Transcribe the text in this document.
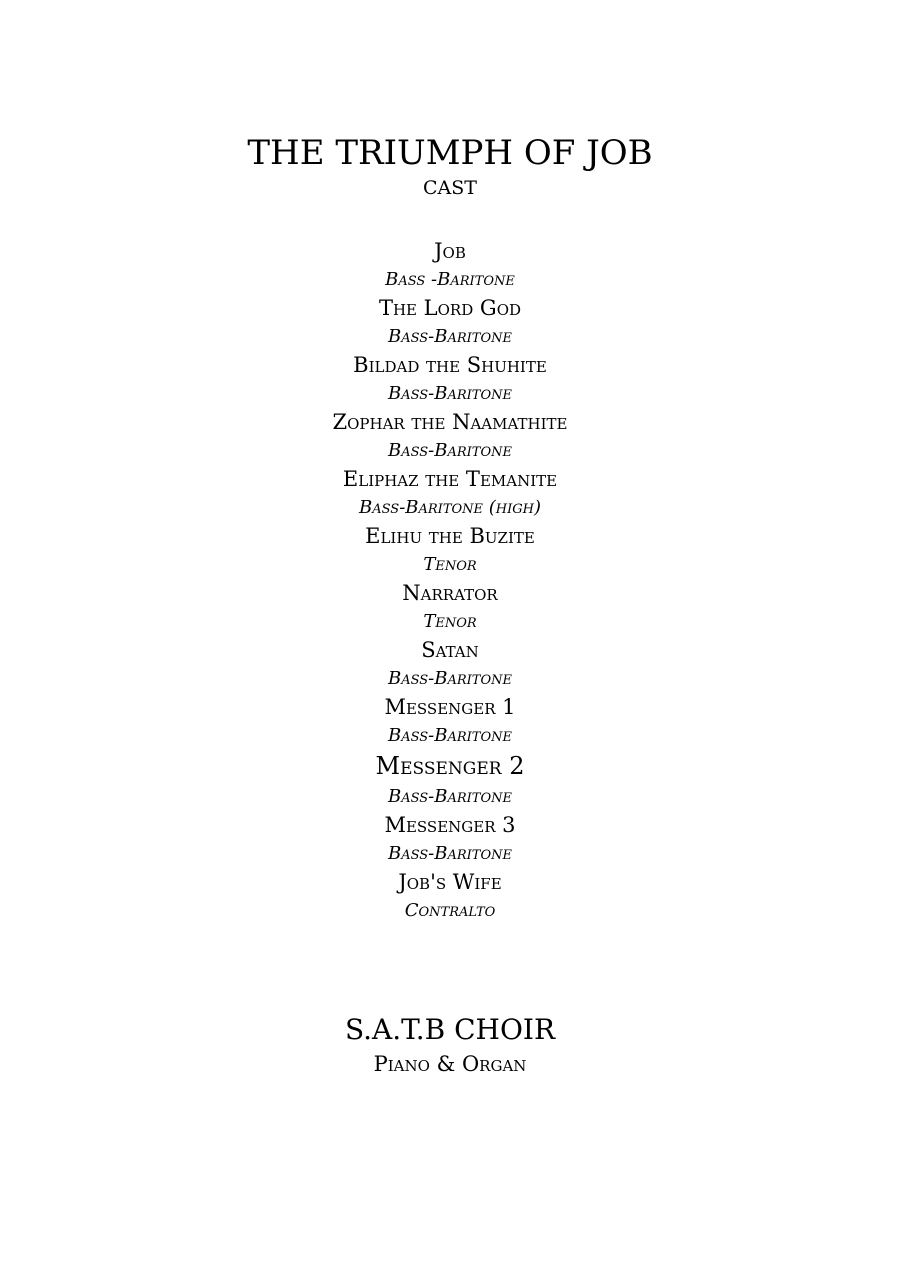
THE TRIUMPH OF JOB
CAST
Job
Bass -Baritone
The Lord God
Bass-Baritone
Bildad the Shuhite
Bass-Baritone
Zophar the Naamathite
Bass-Baritone
Eliphaz the Temanite
Bass-Baritone (high)
Elihu the Buzite
Tenor
Narrator
Tenor
Satan
Bass-Baritone
Messenger 1
Bass-Baritone
Messenger 2
Bass-Baritone
Messenger 3
Bass-Baritone
Job's Wife
Contralto
S.A.T.B CHOIR
Piano & Organ
